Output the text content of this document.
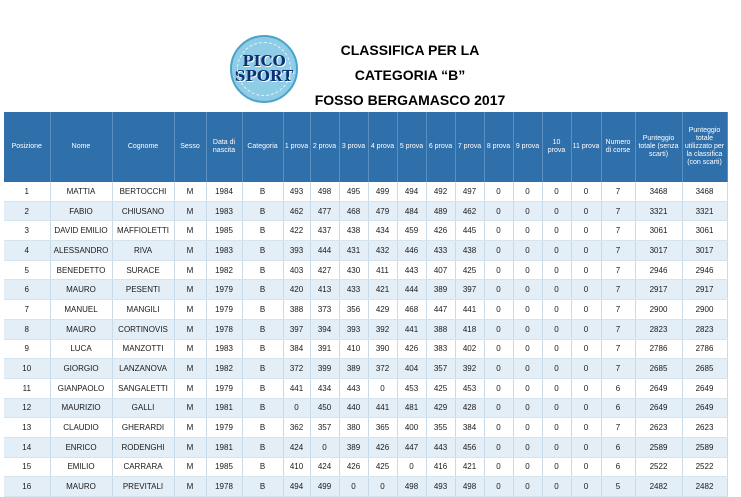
PICO
SPORT
CLASSIFICA PER LA
CATEGORIA “B”
FOSSO BERGAMASCO 2017
Posizione	Nome	Cognome	Sesso	Data di nascita	Categoria	1 prova	2 prova	3 prova	4 prova	5 prova	6 prova	7 prova	8 prova	9 prova	10 prova	11 prova	Numero di corse	Punteggio totale (senza scarti)	Punteggio totale utilizzato per la classifica (con scarti)
1	MATTIA	BERTOCCHI	M	1984	B	493	498	495	499	494	492	497	0	0	0	0	7	3468	3468
2	FABIO	CHIUSANO	M	1983	B	462	477	468	479	484	489	462	0	0	0	0	7	3321	3321
3	DAVID EMILIO	MAFFIOLETTI	M	1985	B	422	437	438	434	459	426	445	0	0	0	0	7	3061	3061
4	ALESSANDRO	RIVA	M	1983	B	393	444	431	432	446	433	438	0	0	0	0	7	3017	3017
5	BENEDETTO	SURACE	M	1982	B	403	427	430	411	443	407	425	0	0	0	0	7	2946	2946
6	MAURO	PESENTI	M	1979	B	420	413	433	421	444	389	397	0	0	0	0	7	2917	2917
7	MANUEL	MANGILI	M	1979	B	388	373	356	429	468	447	441	0	0	0	0	7	2900	2900
8	MAURO	CORTINOVIS	M	1978	B	397	394	393	392	441	388	418	0	0	0	0	7	2823	2823
9	LUCA	MANZOTTI	M	1983	B	384	391	410	390	426	383	402	0	0	0	0	7	2786	2786
10	GIORGIO	LANZANOVA	M	1982	B	372	399	389	372	404	357	392	0	0	0	0	7	2685	2685
11	GIANPAOLO	SANGALETTI	M	1979	B	441	434	443	0	453	425	453	0	0	0	0	6	2649	2649
12	MAURIZIO	GALLI	M	1981	B	0	450	440	441	481	429	428	0	0	0	0	6	2649	2649
13	CLAUDIO	GHERARDI	M	1979	B	362	357	380	365	400	355	384	0	0	0	0	7	2623	2623
14	ENRICO	RODENGHI	M	1981	B	424	0	389	426	447	443	456	0	0	0	0	6	2589	2589
15	EMILIO	CARRARA	M	1985	B	410	424	426	425	0	416	421	0	0	0	0	6	2522	2522
16	MAURO	PREVITALI	M	1978	B	494	499	0	0	498	493	498	0	0	0	0	5	2482	2482
